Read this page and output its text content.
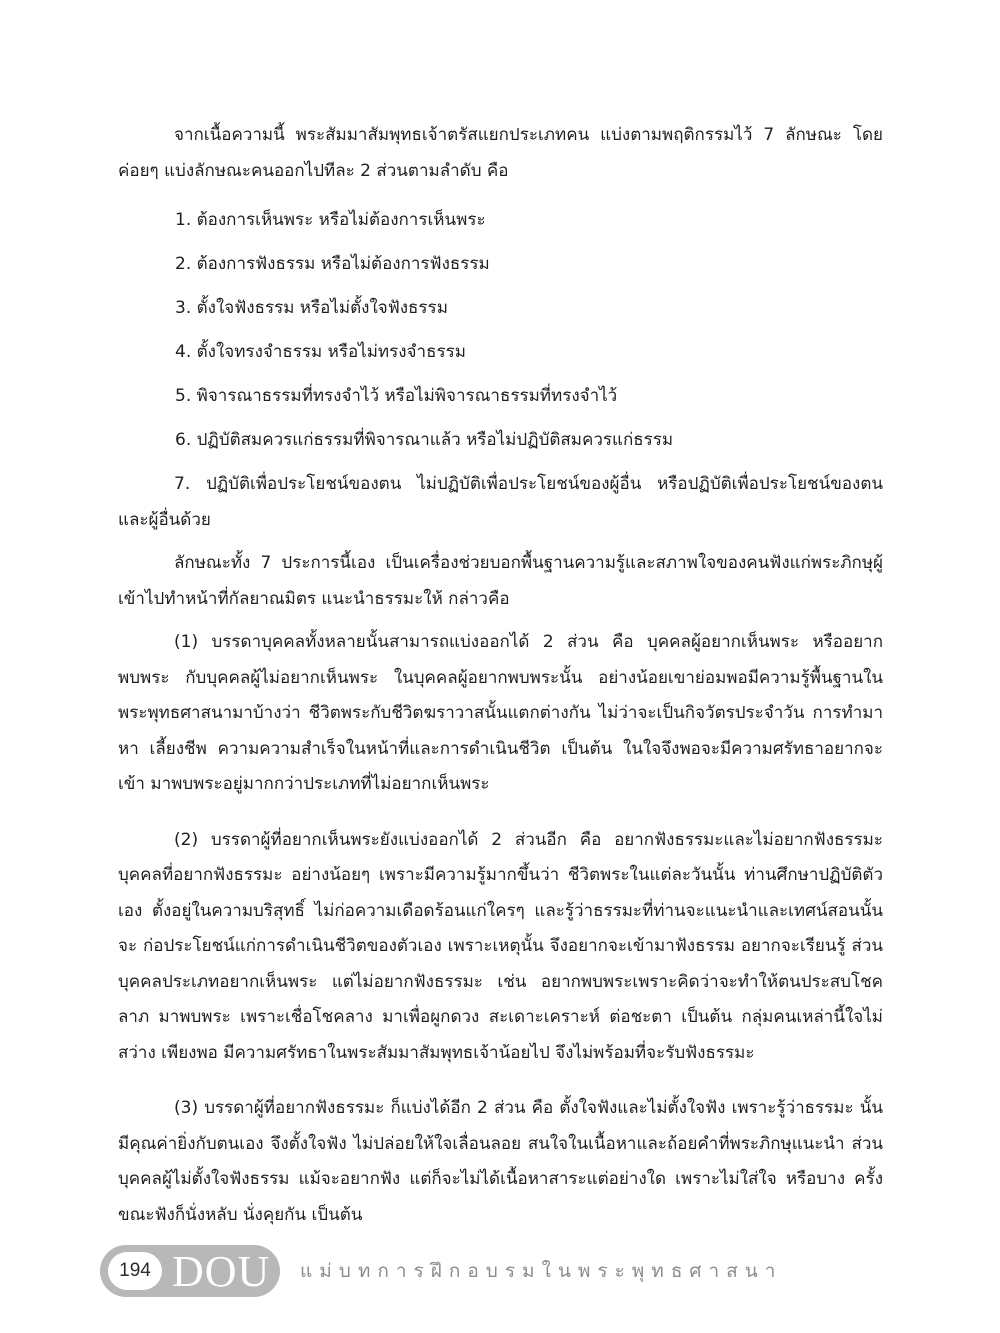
จากเนื้อความนี้ พระสัมมาสัมพุทธเจ้าตรัสแยกประเภทคน แบ่งตามพฤติกรรมไว้ 7 ลักษณะ โดยค่อยๆ แบ่งลักษณะคนออกไปทีละ 2 ส่วนตามลำดับ คือ

1. ต้องการเห็นพระ หรือไม่ต้องการเห็นพระ

2. ต้องการฟังธรรม หรือไม่ต้องการฟังธรรม

3. ตั้งใจฟังธรรม หรือไม่ตั้งใจฟังธรรม

4. ตั้งใจทรงจำธรรม หรือไม่ทรงจำธรรม

5. พิจารณาธรรมที่ทรงจำไว้ หรือไม่พิจารณาธรรมที่ทรงจำไว้

6. ปฏิบัติสมควรแก่ธรรมที่พิจารณาแล้ว หรือไม่ปฏิบัติสมควรแก่ธรรม

7. ปฏิบัติเพื่อประโยชน์ของตน ไม่ปฏิบัติเพื่อประโยชน์ของผู้อื่น หรือปฏิบัติเพื่อประโยชน์ของตน และผู้อื่นด้วย

ลักษณะทั้ง 7 ประการนี้เอง เป็นเครื่องช่วยบอกพื้นฐานความรู้และสภาพใจของคนฟังแก่พระภิกษุผู้ เข้าไปทำหน้าที่กัลยาณมิตร แนะนำธรรมะให้ กล่าวคือ

(1) บรรดาบุคคลทั้งหลายนั้นสามารถแบ่งออกได้ 2 ส่วน คือ บุคคลผู้อยากเห็นพระ หรืออยาก พบพระ กับบุคคลผู้ไม่อยากเห็นพระ ในบุคคลผู้อยากพบพระนั้น อย่างน้อยเขาย่อมพอมีความรู้พื้นฐานใน พระพุทธศาสนามาบ้างว่า ชีวิตพระกับชีวิตฆราวาสนั้นแตกต่างกัน ไม่ว่าจะเป็นกิจวัตรประจำวัน การทำมาหา เลี้ยงชีพ ความความสำเร็จในหน้าที่และการดำเนินชีวิต เป็นต้น ในใจจึงพอจะมีความศรัทธาอยากจะเข้า มาพบพระอยู่มากกว่าประเภทที่ไม่อยากเห็นพระ

(2) บรรดาผู้ที่อยากเห็นพระยังแบ่งออกได้ 2 ส่วนอีก คือ อยากฟังธรรมะและไม่อยากฟังธรรมะ บุคคลที่อยากฟังธรรมะ อย่างน้อยๆ เพราะมีความรู้มากขึ้นว่า ชีวิตพระในแต่ละวันนั้น ท่านศึกษาปฏิบัติตัวเอง ตั้งอยู่ในความบริสุทธิ์ ไม่ก่อความเดือดร้อนแก่ใครๆ และรู้ว่าธรรมะที่ท่านจะแนะนำและเทศน์สอนนั้น จะ ก่อประโยชน์แก่การดำเนินชีวิตของตัวเอง เพราะเหตุนั้น จึงอยากจะเข้ามาฟังธรรม อยากจะเรียนรู้ ส่วน บุคคลประเภทอยากเห็นพระ แต่ไม่อยากฟังธรรมะ เช่น อยากพบพระเพราะคิดว่าจะทำให้ตนประสบโชคลาภ มาพบพระ เพราะเชื่อโชคลาง มาเพื่อผูกดวง สะเดาะเคราะห์ ต่อชะตา เป็นต้น กลุ่มคนเหล่านี้ใจไม่สว่าง เพียงพอ มีความศรัทธาในพระสัมมาสัมพุทธเจ้าน้อยไป จึงไม่พร้อมที่จะรับฟังธรรมะ

(3) บรรดาผู้ที่อยากฟังธรรมะ ก็แบ่งได้อีก 2 ส่วน คือ ตั้งใจฟังและไม่ตั้งใจฟัง เพราะรู้ว่าธรรมะ นั้นมีคุณค่ายิ่งกับตนเอง จึงตั้งใจฟัง ไม่ปล่อยให้ใจเลื่อนลอย สนใจในเนื้อหาและถ้อยคำที่พระภิกษุแนะนำ ส่วนบุคคลผู้ไม่ตั้งใจฟังธรรม แม้จะอยากฟัง แต่ก็จะไม่ได้เนื้อหาสาระแต่อย่างใด เพราะไม่ใส่ใจ หรือบาง ครั้งขณะฟังก็นั่งหลับ นั่งคุยกัน เป็นต้น

194 DOU แม่บทการฝึกอบรมในพระพุทธศาสนา
